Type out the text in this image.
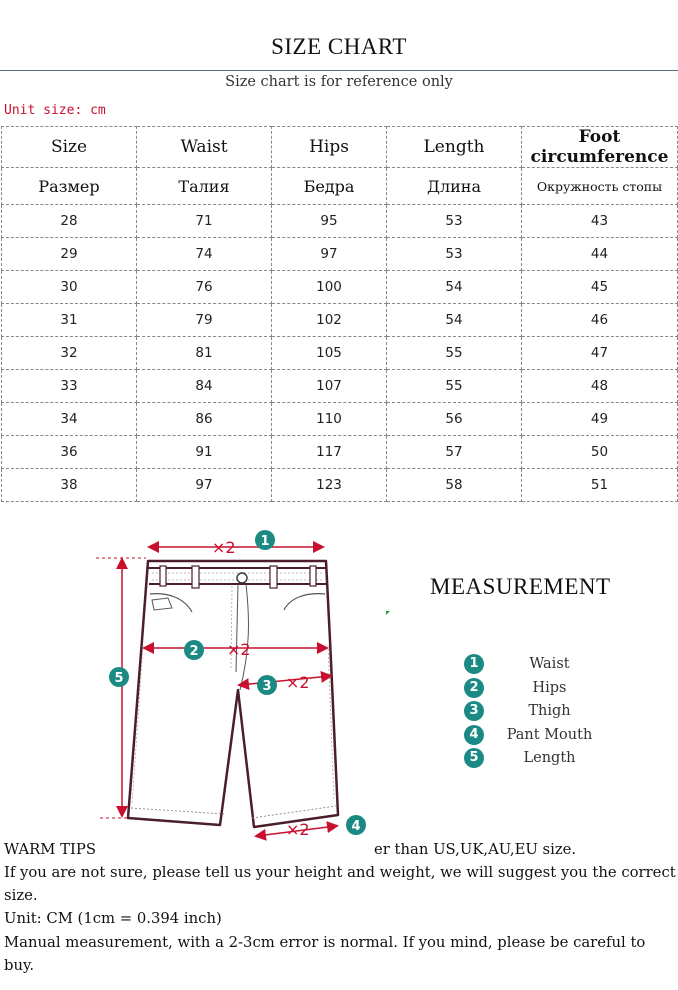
SIZE CHART
Size chart is for reference only
Unit size: cm
Size	Waist	Hips	Length	Foot circumference
Размер	Талия	Бедра	Длина	Окружность стопы
28	71	95	53	43
29	74	97	53	44
30	76	100	54	45
31	79	102	54	46
32	81	105	55	47
33	84	107	55	48
34	86	110	56	49
36	91	117	57	50
38	97	123	58	51
×2
×2
×2
×2
1
2
3
4
5
MEASUREMENT
1	Waist
2	Hips
3	Thigh
4	Pant Mouth
5	Length
WARM TIPS	er than US,UK,AU,EU size.

If you are not sure, please tell us your height and weight, we will suggest you the correct size.

Unit: CM (1cm = 0.394 inch)

Manual measurement, with a 2-3cm error is normal. If you mind, please be careful to buy.
